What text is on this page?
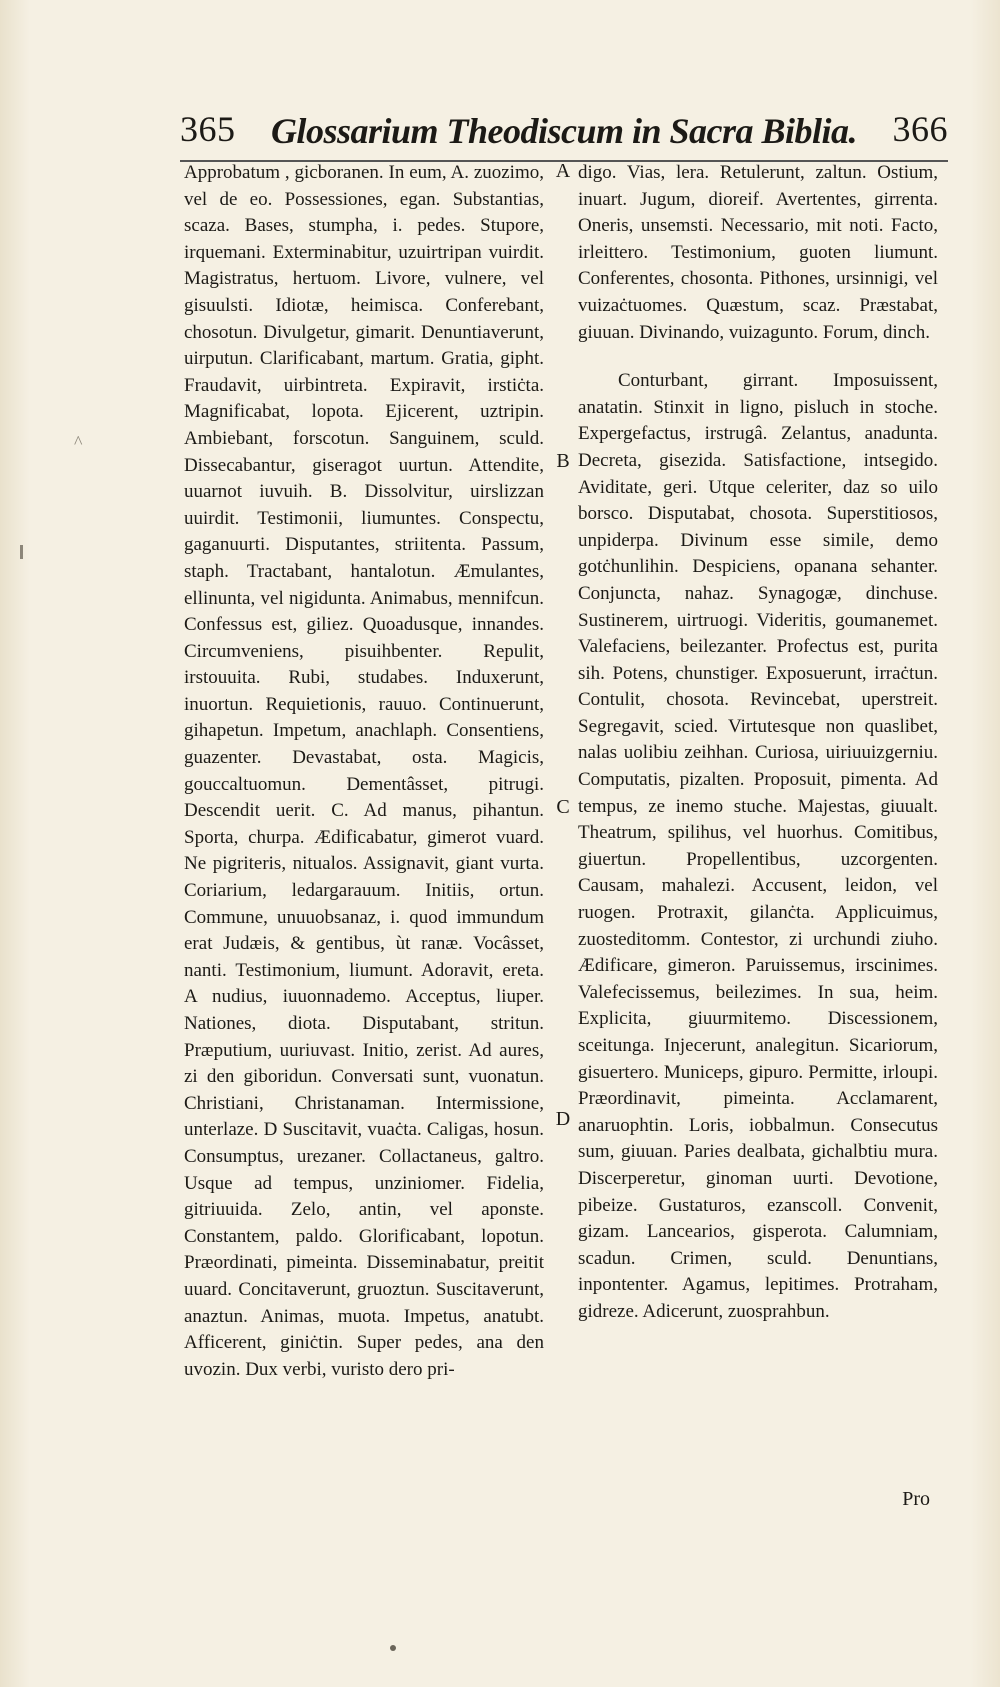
^
365 Glossarium Theodiscum in Sacra Biblia. 366

Approbatum , gicboranen. In eum, A. zuozimo, vel de eo. Possessiones, egan. Substantias, scaza. Bases, stumpha, i. pedes. Stupore, irquemani. Exterminabitur, uzuirtripan vuirdit. Magistratus, hertuom. Livore, vulnere, vel gisuulsti. Idiotæ, heimisca. Conferebant, chosotun. Divulgetur, gimarit. Denuntiaverunt, uirputun. Clarificabant, martum. Gratia, gipht. Fraudavit, uirbintreta. Expiravit, irstiċta. Magnificabat, lopota. Ejicerent, uztripin. Ambiebant, forscotun. Sanguinem, sculd. Dissecabantur, giseragot uurtun. Attendite, uuarnot iuvuih. B. Dissolvitur, uirslizzan uuirdit. Testimonii, liumuntes. Conspectu, gaganuurti. Disputantes, striitenta. Passum, staph. Tractabant, hantalotun. Æmulantes, ellinunta, vel nigidunta. Animabus, mennifcun. Confessus est, giliez. Quoadusque, innandes. Circumveniens, pisuihbenter. Repulit, irstouuita. Rubi, studabes. Induxerunt, inuortun. Requietionis, rauuo. Continuerunt, gihapetun. Impetum, anachlaph. Consentiens, guazenter. Devastabat, osta. Magicis, gouccaltuomun. Dementâsset, pitrugi. Descendit uerit. C. Ad manus, pihantun. Sporta, churpa. Ædificabatur, gimerot vuard. Ne pigriteris, nitualos. Assignavit, giant vurta. Coriarium, ledargarauum. Initiis, ortun. Commune, unuuobsanaz, i. quod immundum erat Judæis, & gentibus, ùt ranæ. Vocâsset, nanti. Testimonium, liumunt. Adoravit, ereta. A nudius, iuuonnademo. Acceptus, liuper. Nationes, diota. Disputabant, stritun. Præputium, uuriuvast. Initio, zerist. Ad aures, zi den giboridun. Conversati sunt, vuonatun. Christiani, Christanaman. Intermissione, unterlaze. D Suscitavit, vuaċta. Caligas, hosun. Consumptus, urezaner. Collactaneus, galtro. Usque ad tempus, unziniomer. Fidelia, gitriuuida. Zelo, antin, vel aponste. Constantem, paldo. Glorificabant, lopotun. Præordinati, pimeinta. Disseminabatur, preitit uuard. Concitaverunt, gruoztun. Suscitaverunt, anaztun. Animas, muota. Impetus, anatubt. Afficerent, giniċtin. Super pedes, ana den uvozin. Dux verbi, vuristo dero pri-

A
B
C
D

digo. Vias, lera. Retulerunt, zaltun. Ostium, inuart. Jugum, dioreif. Avertentes, girrenta. Oneris, unsemsti. Necessario, mit noti. Facto, irleittero. Testimonium, guoten liumunt. Conferentes, chosonta. Pithones, ursinnigi, vel vuizaċtuomes. Quæstum, scaz. Præstabat, giuuan. Divinando, vuizagunto. Forum, dinch.

Conturbant, girrant. Imposuissent, anatatin. Stinxit in ligno, pisluch in stoche. Expergefactus, irstrugâ. Zelantus, anadunta. Decreta, gisezida. Satisfactione, intsegido. Aviditate, geri. Utque celeriter, daz so uilo borsco. Disputabat, chosota. Superstitiosos, unpiderpa. Divinum esse simile, demo gotċhunlihin. Despiciens, opanana sehanter. Conjuncta, nahaz. Synagogæ, dinchuse. Sustinerem, uirtruogi. Videritis, goumanemet. Valefaciens, beilezanter. Profectus est, purita sih. Potens, chunstiger. Exposuerunt, irraċtun. Contulit, chosota. Revincebat, uperstreit. Segregavit, scied. Virtutesque non quaslibet, nalas uolibiu zeihhan. Curiosa, uiriuuizgerniu. Computatis, pizalten. Proposuit, pimenta. Ad tempus, ze inemo stuche. Majestas, giuualt. Theatrum, spilihus, vel huorhus. Comitibus, giuertun. Propellentibus, uzcorgenten. Causam, mahalezi. Accusent, leidon, vel ruogen. Protraxit, gilanċta. Applicuimus, zuosteditomm. Contestor, zi urchundi ziuho. Ædificare, gimeron. Paruissemus, irscinimes. Valefecissemus, beilezimes. In sua, heim. Explicita, giuurmitemo. Discessionem, sceitunga. Injecerunt, analegitun. Sicariorum, gisuertero. Municeps, gipuro. Permitte, irloupi. Præordinavit, pimeinta. Acclamarent, anaruophtin. Loris, iobbalmun. Consecutus sum, giuuan. Paries dealbata, gichalbtiu mura. Discerperetur, ginoman uurti. Devotione, pibeize. Gustaturos, ezanscoll. Convenit, gizam. Lancearios, gisperota. Calumniam, scadun. Crimen, sculd. Denuntians, inpontenter. Agamus, lepitimes. Protraham, gidreze. Adicerunt, zuosprahbun.

Pro
